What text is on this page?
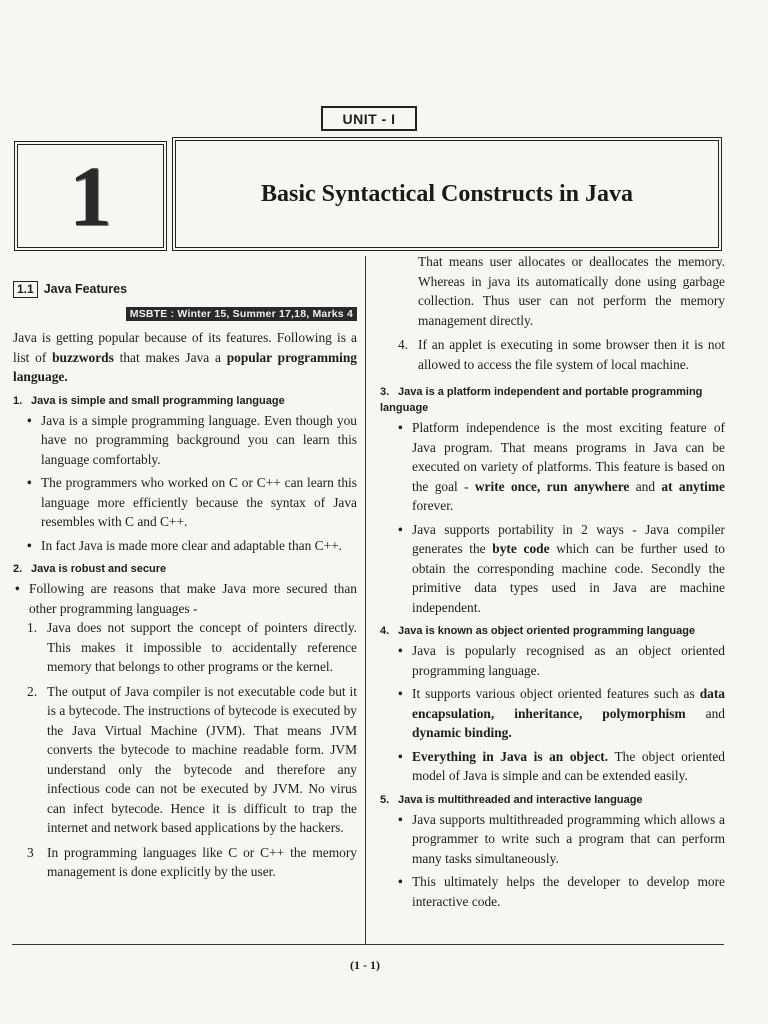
UNIT - I
1	Basic Syntactical Constructs in Java
1.1 Java Features
MSBTE : Winter 15, Summer 17,18, Marks 4

Java is getting popular because of its features. Following is a list of buzzwords that makes Java a popular programming language.

1. Java is simple and small programming language
• Java is a simple programming language. Even though you have no programming background you can learn this language comfortably.
• The programmers who worked on C or C++ can learn this language more efficiently because the syntax of Java resembles with C and C++.
• In fact Java is made more clear and adaptable than C++.
2. Java is robust and secure
• Following are reasons that make Java more secured than other programming languages -
1. Java does not support the concept of pointers directly. This makes it impossible to accidentally reference memory that belongs to other programs or the kernel.
2. The output of Java compiler is not executable code but it is a bytecode. The instructions of bytecode is executed by the Java Virtual Machine (JVM). That means JVM converts the bytecode to machine readable form. JVM understand only the bytecode and therefore any infectious code can not be executed by JVM. No virus can infect bytecode. Hence it is difficult to trap the internet and network based applications by the hackers.
3 In programming languages like C or C++ the memory management is done explicitly by the user.
That means user allocates or deallocates the memory. Whereas in java its automatically done using garbage collection. Thus user can not perform the memory management directly.
4. If an applet is executing in some browser then it is not allowed to access the file system of local machine.
3. Java is a platform independent and portable programming language
• Platform independence is the most exciting feature of Java program. That means programs in Java can be executed on variety of platforms. This feature is based on the goal - write once, run anywhere and at anytime forever.
• Java supports portability in 2 ways - Java compiler generates the byte code which can be further used to obtain the corresponding machine code. Secondly the primitive data types used in Java are machine independent.
4. Java is known as object oriented programming language
• Java is popularly recognised as an object oriented programming language.
• It supports various object oriented features such as data encapsulation, inheritance, polymorphism and dynamic binding.
• Everything in Java is an object. The object oriented model of Java is simple and can be extended easily.
5. Java is multithreaded and interactive language
• Java supports multithreaded programming which allows a programmer to write such a program that can perform many tasks simultaneously.
• This ultimately helps the developer to develop more interactive code.
(1 - 1)
